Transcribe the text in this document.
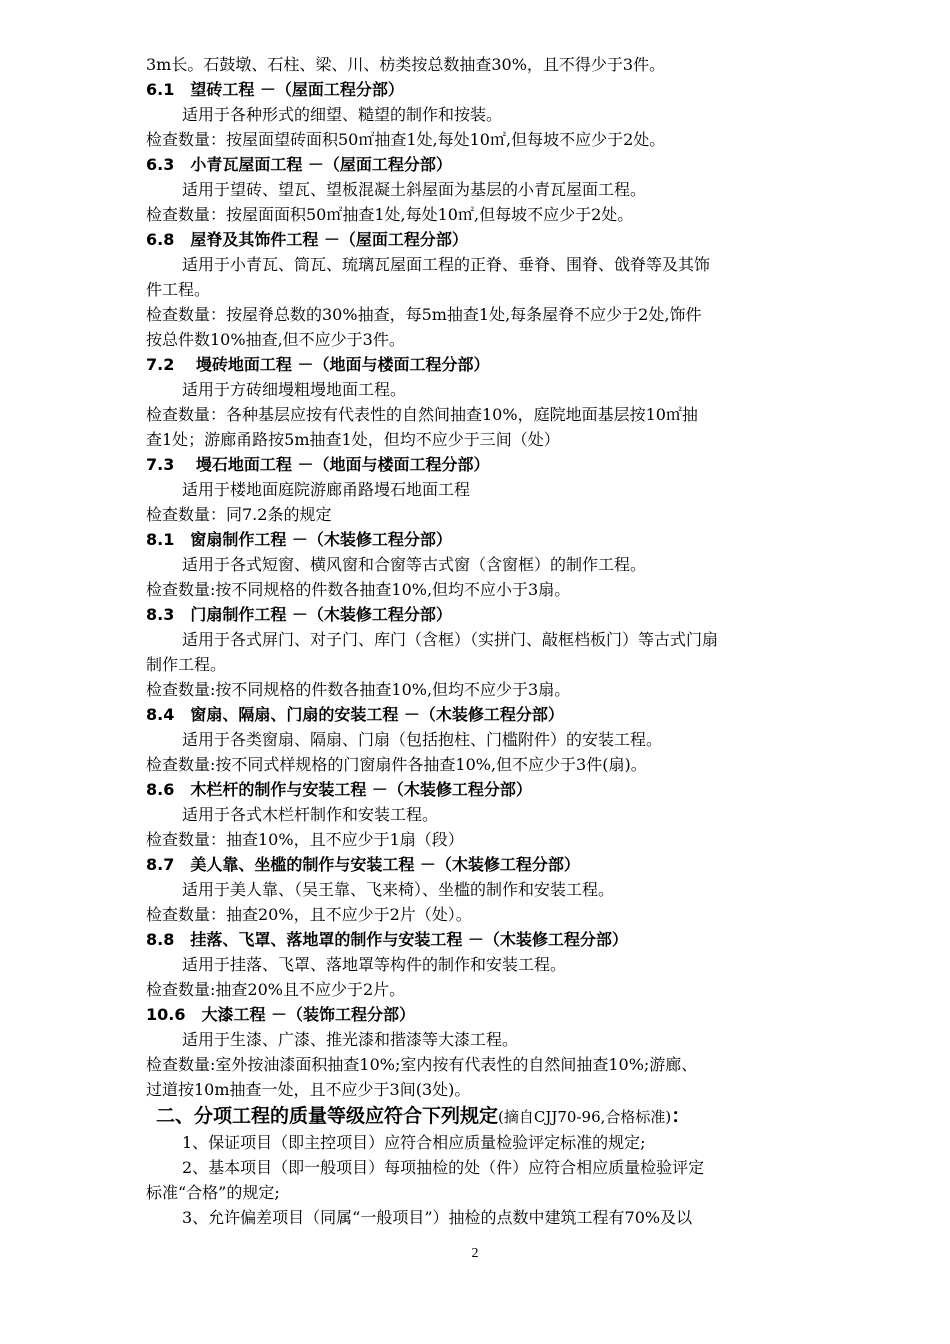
3m长。石鼓墩、石柱、梁、川、枋类按总数抽查30%，且不得少于3件。
6.1　望砖工程 －（屋面工程分部）
适用于各种形式的细望、糙望的制作和按装。
检查数量：按屋面望砖面积50㎡抽查1处,每处10㎡,但每坡不应少于2处。
6.3　小青瓦屋面工程 －（屋面工程分部）
适用于望砖、望瓦、望板混凝土斜屋面为基层的小青瓦屋面工程。
检查数量：按屋面面积50㎡抽查1处,每处10㎡,但每坡不应少于2处。
6.8　屋脊及其饰件工程 －（屋面工程分部）
适用于小青瓦、筒瓦、琉璃瓦屋面工程的正脊、垂脊、围脊、戗脊等及其饰
件工程。
检查数量：按屋脊总数的30%抽查，每5m抽查1处,每条屋脊不应少于2处,饰件
按总件数10%抽查,但不应少于3件。
7.2　 墁砖地面工程 －（地面与楼面工程分部）
适用于方砖细墁粗墁地面工程。
检查数量：各种基层应按有代表性的自然间抽查10%，庭院地面基层按10㎡抽
查1处；游廊甬路按5m抽查1处，但均不应少于三间（处）
7.3　 墁石地面工程 －（地面与楼面工程分部）
适用于楼地面庭院游廊甬路墁石地面工程
检查数量：同7.2条的规定
8.1　窗扇制作工程 －（木装修工程分部）
适用于各式短窗、横风窗和合窗等古式窗（含窗框）的制作工程。
检查数量:按不同规格的件数各抽查10%,但均不应小于3扇。
8.3　门扇制作工程 －（木装修工程分部）
适用于各式屏门、对子门、库门（含框）（实拼门、敲框档板门）等古式门扇
制作工程。
检查数量:按不同规格的件数各抽查10%,但均不应少于3扇。
8.4　窗扇、隔扇、门扇的安装工程 －（木装修工程分部）
适用于各类窗扇、隔扇、门扇（包括抱柱、门槛附件）的安装工程。
检查数量:按不同式样规格的门窗扇件各抽查10%,但不应少于3件(扇)。
8.6　木栏杆的制作与安装工程 －（木装修工程分部）
适用于各式木栏杆制作和安装工程。
检查数量：抽查10%，且不应少于1扇（段）
8.7　美人靠、坐槛的制作与安装工程 －（木装修工程分部）
适用于美人靠、（吴王靠、飞来椅）、坐槛的制作和安装工程。
检查数量：抽查20%，且不应少于2片（处）。
8.8　挂落、飞罩、落地罩的制作与安装工程 －（木装修工程分部）
适用于挂落、飞罩、落地罩等构件的制作和安装工程。
检查数量:抽查20%且不应少于2片。
10.6　大漆工程 －（装饰工程分部）
适用于生漆、广漆、推光漆和揩漆等大漆工程。
检查数量:室外按油漆面积抽查10%;室内按有代表性的自然间抽查10%;游廊、
过道按10m抽查一处，且不应少于3间(3处)。
二、分项工程的质量等级应符合下列规定(摘自CJJ70-96,合格标准)：
1、保证项目（即主控项目）应符合相应质量检验评定标准的规定;
2、基本项目（即一般项目）每项抽检的处（件）应符合相应质量检验评定
标准“合格”的规定;
3、允许偏差项目（同属“一般项目”）抽检的点数中建筑工程有70%及以
2
